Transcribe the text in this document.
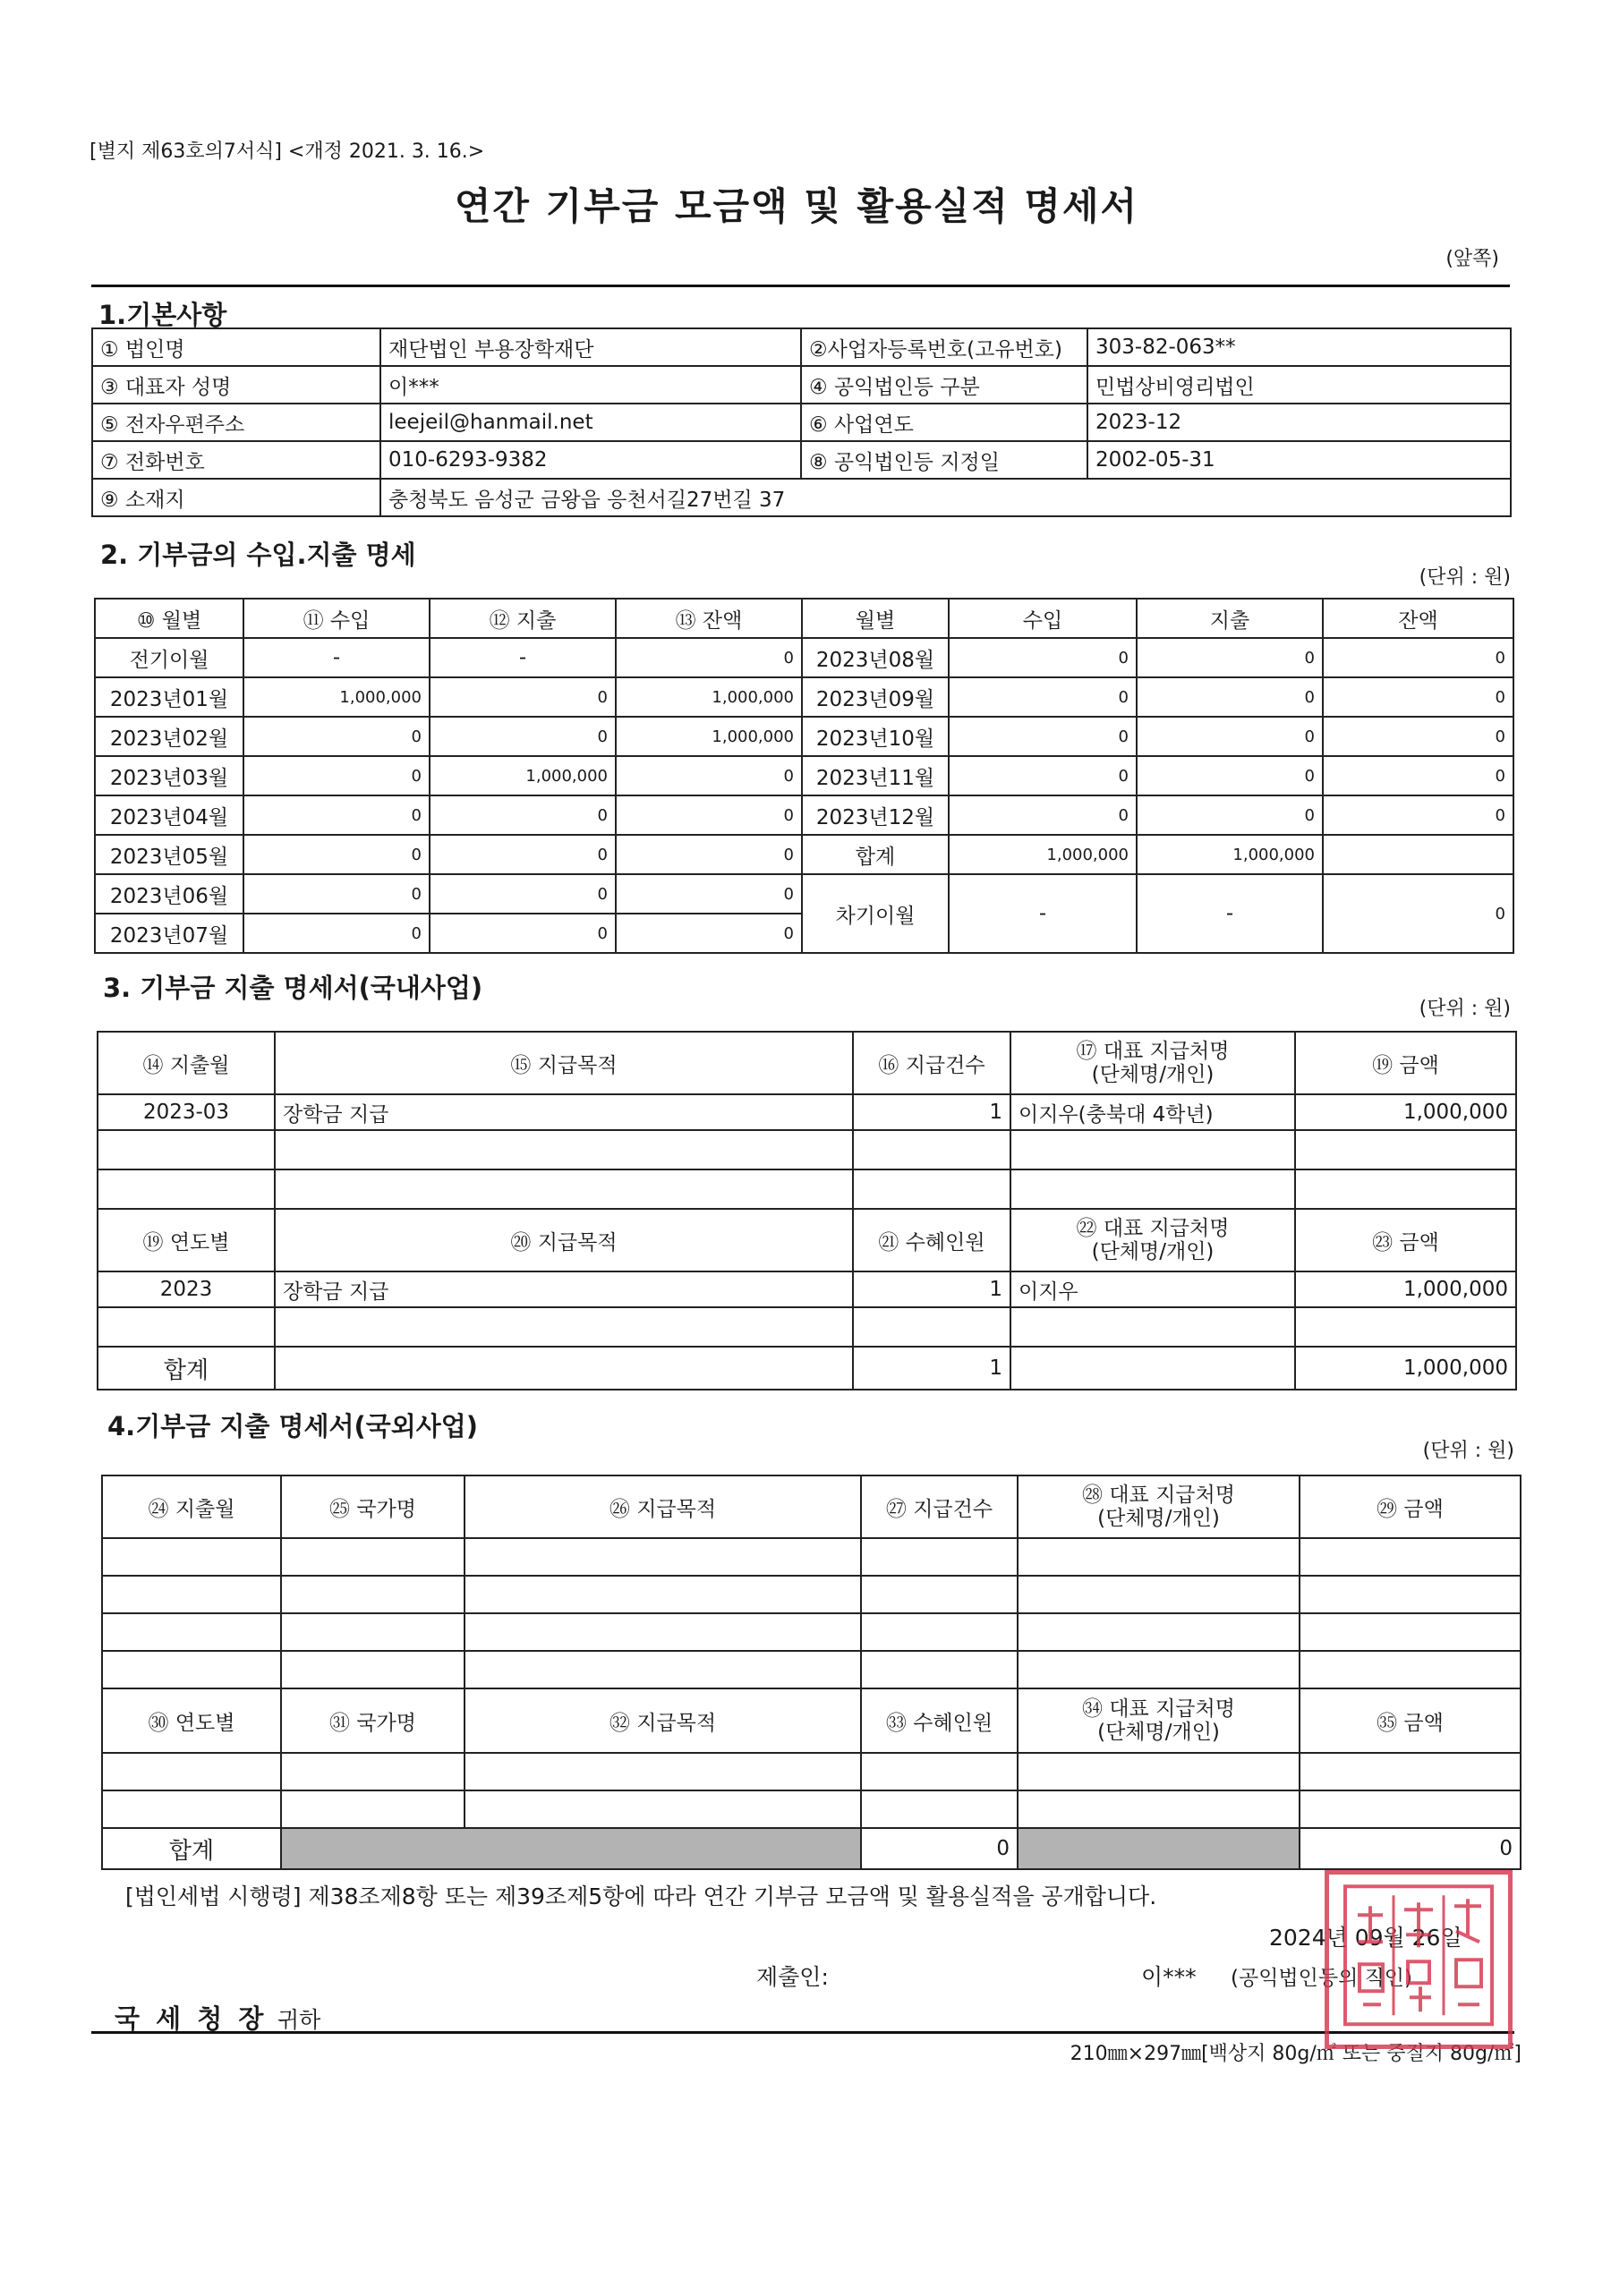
[별지 제63호의7서식] <개정 2021. 3. 16.>
연간 기부금 모금액 및 활용실적 명세서
(앞쪽)
1.기본사항
① 법인명	재단법인 부용장학재단	②사업자등록번호(고유번호)	303-82-063**
③ 대표자 성명	이***	④ 공익법인등 구분	민법상비영리법인
⑤ 전자우편주소	leejeil@hanmail.net	⑥ 사업연도	2023-12
⑦ 전화번호	010-6293-9382	⑧ 공익법인등 지정일	2002-05-31
⑨ 소재지	충청북도 음성군 금왕읍 응천서길27번길 37		
2. 기부금의 수입.지출 명세
(단위 : 원)
⑩ 월별	⑪ 수입	⑫ 지출	⑬ 잔액	월별	수입	지출	잔액
전기이월	-	-	0	2023년08월	0	0	0
2023년01월	1,000,000	0	1,000,000	2023년09월	0	0	0
2023년02월	0	0	1,000,000	2023년10월	0	0	0
2023년03월	0	1,000,000	0	2023년11월	0	0	0
2023년04월	0	0	0	2023년12월	0	0	0
2023년05월	0	0	0	합계	1,000,000	1,000,000	
2023년06월	0	0	0	차기이월	-	-	0
2023년07월	0	0	0				
3. 기부금 지출 명세서(국내사업)
(단위 : 원)
⑭ 지출월	⑮ 지급목적	⑯ 지급건수	⑰ 대표 지급처명
(단체명/개인)	⑲ 금액
2023-03	장학금 지급	1	이지우(충북대 4학년)	1,000,000

⑲ 연도별	⑳ 지급목적	㉑ 수혜인원	㉒ 대표 지급처명
(단체명/개인)	㉓ 금액
2023	장학금 지급	1	이지우	1,000,000

합계		1		1,000,000
4.기부금 지출 명세서(국외사업)
(단위 : 원)
㉔ 지출월	㉕ 국가명	㉖ 지급목적	㉗ 지급건수	㉘ 대표 지급처명
(단체명/개인)	㉙ 금액

㉚ 연도별	㉛ 국가명	㉜ 지급목적	㉝ 수혜인원	㉞ 대표 지급처명
(단체명/개인)	㉟ 금액

합계			0		0
[법인세법 시행령] 제38조제8항 또는 제39조제5항에 따라 연간 기부금 모금액 및 활용실적을 공개합니다.
2024년 09월 26일
제출인:	이*** (공익법인등의 직인)
국 세 청 장 귀하
210㎜×297㎜[백상지 80g/㎡ 또는 중질지 80g/㎡]
